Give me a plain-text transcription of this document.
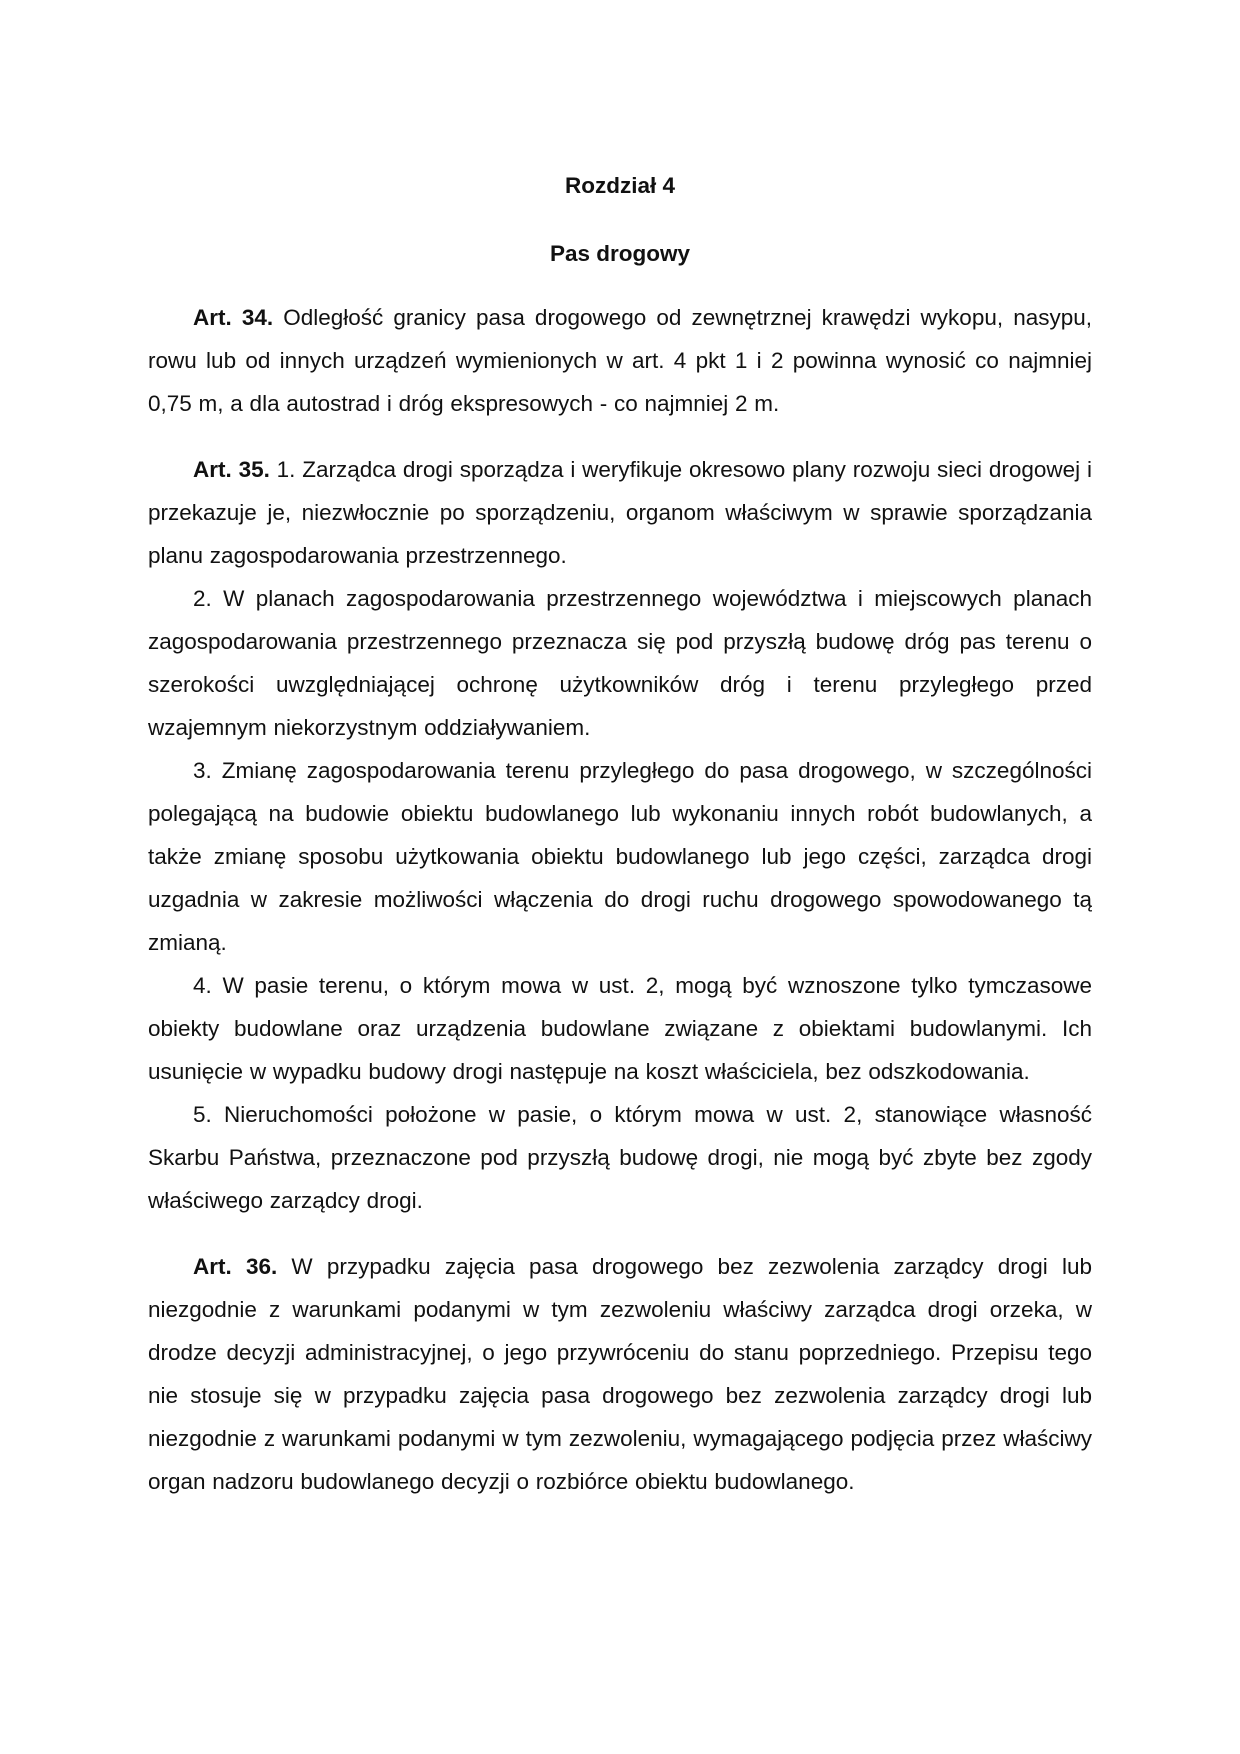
Rozdział 4
Pas drogowy

Art. 34. Odległość granicy pasa drogowego od zewnętrznej krawędzi wykopu, nasypu, rowu lub od innych urządzeń wymienionych w art. 4 pkt 1 i 2 powinna wynosić co najmniej 0,75 m, a dla autostrad i dróg ekspresowych - co najmniej 2 m.

Art. 35. 1. Zarządca drogi sporządza i weryfikuje okresowo plany rozwoju sieci drogowej i przekazuje je, niezwłocznie po sporządzeniu, organom właściwym w sprawie sporządzania planu zagospodarowania przestrzennego.

2. W planach zagospodarowania przestrzennego województwa i miejscowych planach zagospodarowania przestrzennego przeznacza się pod przyszłą budowę dróg pas terenu o szerokości uwzględniającej ochronę użytkowników dróg i terenu przyległego przed wzajemnym niekorzystnym oddziaływaniem.

3. Zmianę zagospodarowania terenu przyległego do pasa drogowego, w szczególności polegającą na budowie obiektu budowlanego lub wykonaniu innych robót budowlanych, a także zmianę sposobu użytkowania obiektu budowlanego lub jego części, zarządca drogi uzgadnia w zakresie możliwości włączenia do drogi ruchu drogowego spowodowanego tą zmianą.

4. W pasie terenu, o którym mowa w ust. 2, mogą być wznoszone tylko tymczasowe obiekty budowlane oraz urządzenia budowlane związane z obiektami budowlanymi. Ich usunięcie w wypadku budowy drogi następuje na koszt właściciela, bez odszkodowania.

5. Nieruchomości położone w pasie, o którym mowa w ust. 2, stanowiące własność Skarbu Państwa, przeznaczone pod przyszłą budowę drogi, nie mogą być zbyte bez zgody właściwego zarządcy drogi.

Art. 36. W przypadku zajęcia pasa drogowego bez zezwolenia zarządcy drogi lub niezgodnie z warunkami podanymi w tym zezwoleniu właściwy zarządca drogi orzeka, w drodze decyzji administracyjnej, o jego przywróceniu do stanu poprzedniego. Przepisu tego nie stosuje się w przypadku zajęcia pasa drogowego bez zezwolenia zarządcy drogi lub niezgodnie z warunkami podanymi w tym zezwoleniu, wymagającego podjęcia przez właściwy organ nadzoru budowlanego decyzji o rozbiórce obiektu budowlanego.
